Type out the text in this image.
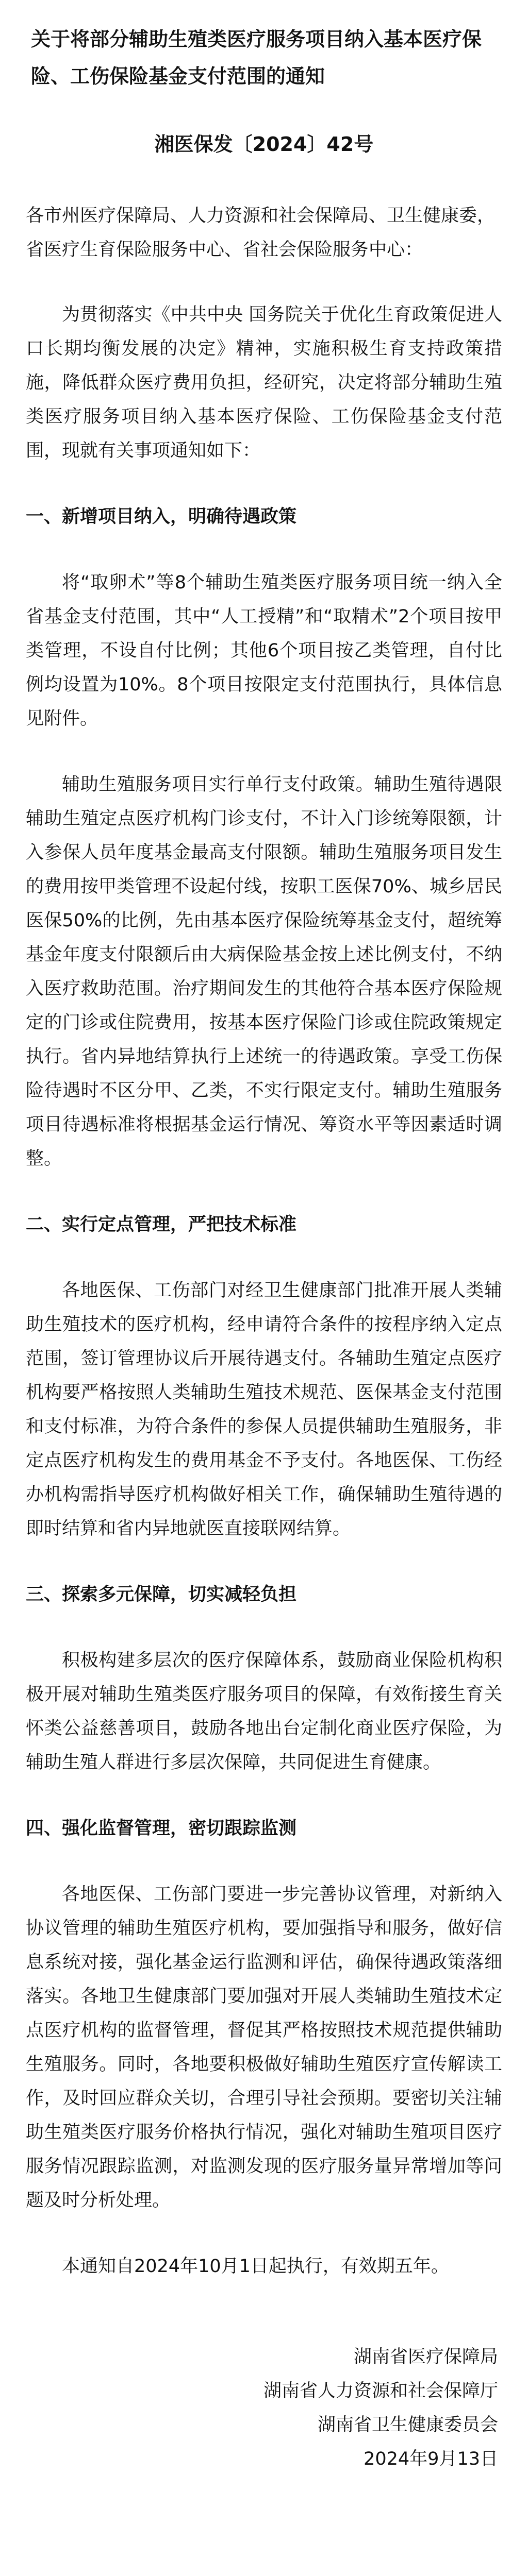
关于将部分辅助生殖类医疗服务项目纳入基本医疗保险、工伤保险基金支付范围的通知
湘医保发〔2024〕42号
各市州医疗保障局、人力资源和社会保障局、卫生健康委，省医疗生育保险服务中心、省社会保险服务中心：
为贯彻落实《中共中央 国务院关于优化生育政策促进人口长期均衡发展的决定》精神，实施积极生育支持政策措施，降低群众医疗费用负担，经研究，决定将部分辅助生殖类医疗服务项目纳入基本医疗保险、工伤保险基金支付范围，现就有关事项通知如下：
一、新增项目纳入，明确待遇政策
将“取卵术”等8个辅助生殖类医疗服务项目统一纳入全省基金支付范围，其中“人工授精”和“取精术”2个项目按甲类管理，不设自付比例；其他6个项目按乙类管理，自付比例均设置为10%。8个项目按限定支付范围执行，具体信息见附件。
辅助生殖服务项目实行单行支付政策。辅助生殖待遇限辅助生殖定点医疗机构门诊支付，不计入门诊统筹限额，计入参保人员年度基金最高支付限额。辅助生殖服务项目发生的费用按甲类管理不设起付线，按职工医保70%、城乡居民医保50%的比例，先由基本医疗保险统筹基金支付，超统筹基金年度支付限额后由大病保险基金按上述比例支付，不纳入医疗救助范围。治疗期间发生的其他符合基本医疗保险规定的门诊或住院费用，按基本医疗保险门诊或住院政策规定执行。省内异地结算执行上述统一的待遇政策。享受工伤保险待遇时不区分甲、乙类，不实行限定支付。辅助生殖服务项目待遇标准将根据基金运行情况、筹资水平等因素适时调整。
二、实行定点管理，严把技术标准
各地医保、工伤部门对经卫生健康部门批准开展人类辅助生殖技术的医疗机构，经申请符合条件的按程序纳入定点范围，签订管理协议后开展待遇支付。各辅助生殖定点医疗机构要严格按照人类辅助生殖技术规范、医保基金支付范围和支付标准，为符合条件的参保人员提供辅助生殖服务，非定点医疗机构发生的费用基金不予支付。各地医保、工伤经办机构需指导医疗机构做好相关工作，确保辅助生殖待遇的即时结算和省内异地就医直接联网结算。
三、探索多元保障，切实减轻负担
积极构建多层次的医疗保障体系，鼓励商业保险机构积极开展对辅助生殖类医疗服务项目的保障，有效衔接生育关怀类公益慈善项目，鼓励各地出台定制化商业医疗保险，为辅助生殖人群进行多层次保障，共同促进生育健康。
四、强化监督管理，密切跟踪监测
各地医保、工伤部门要进一步完善协议管理，对新纳入协议管理的辅助生殖医疗机构，要加强指导和服务，做好信息系统对接，强化基金运行监测和评估，确保待遇政策落细落实。各地卫生健康部门要加强对开展人类辅助生殖技术定点医疗机构的监督管理，督促其严格按照技术规范提供辅助生殖服务。同时，各地要积极做好辅助生殖医疗宣传解读工作，及时回应群众关切，合理引导社会预期。要密切关注辅助生殖类医疗服务价格执行情况，强化对辅助生殖项目医疗服务情况跟踪监测，对监测发现的医疗服务量异常增加等问题及时分析处理。
本通知自2024年10月1日起执行，有效期五年。
湖南省医疗保障局
湖南省人力资源和社会保障厅
湖南省卫生健康委员会
2024年9月13日
